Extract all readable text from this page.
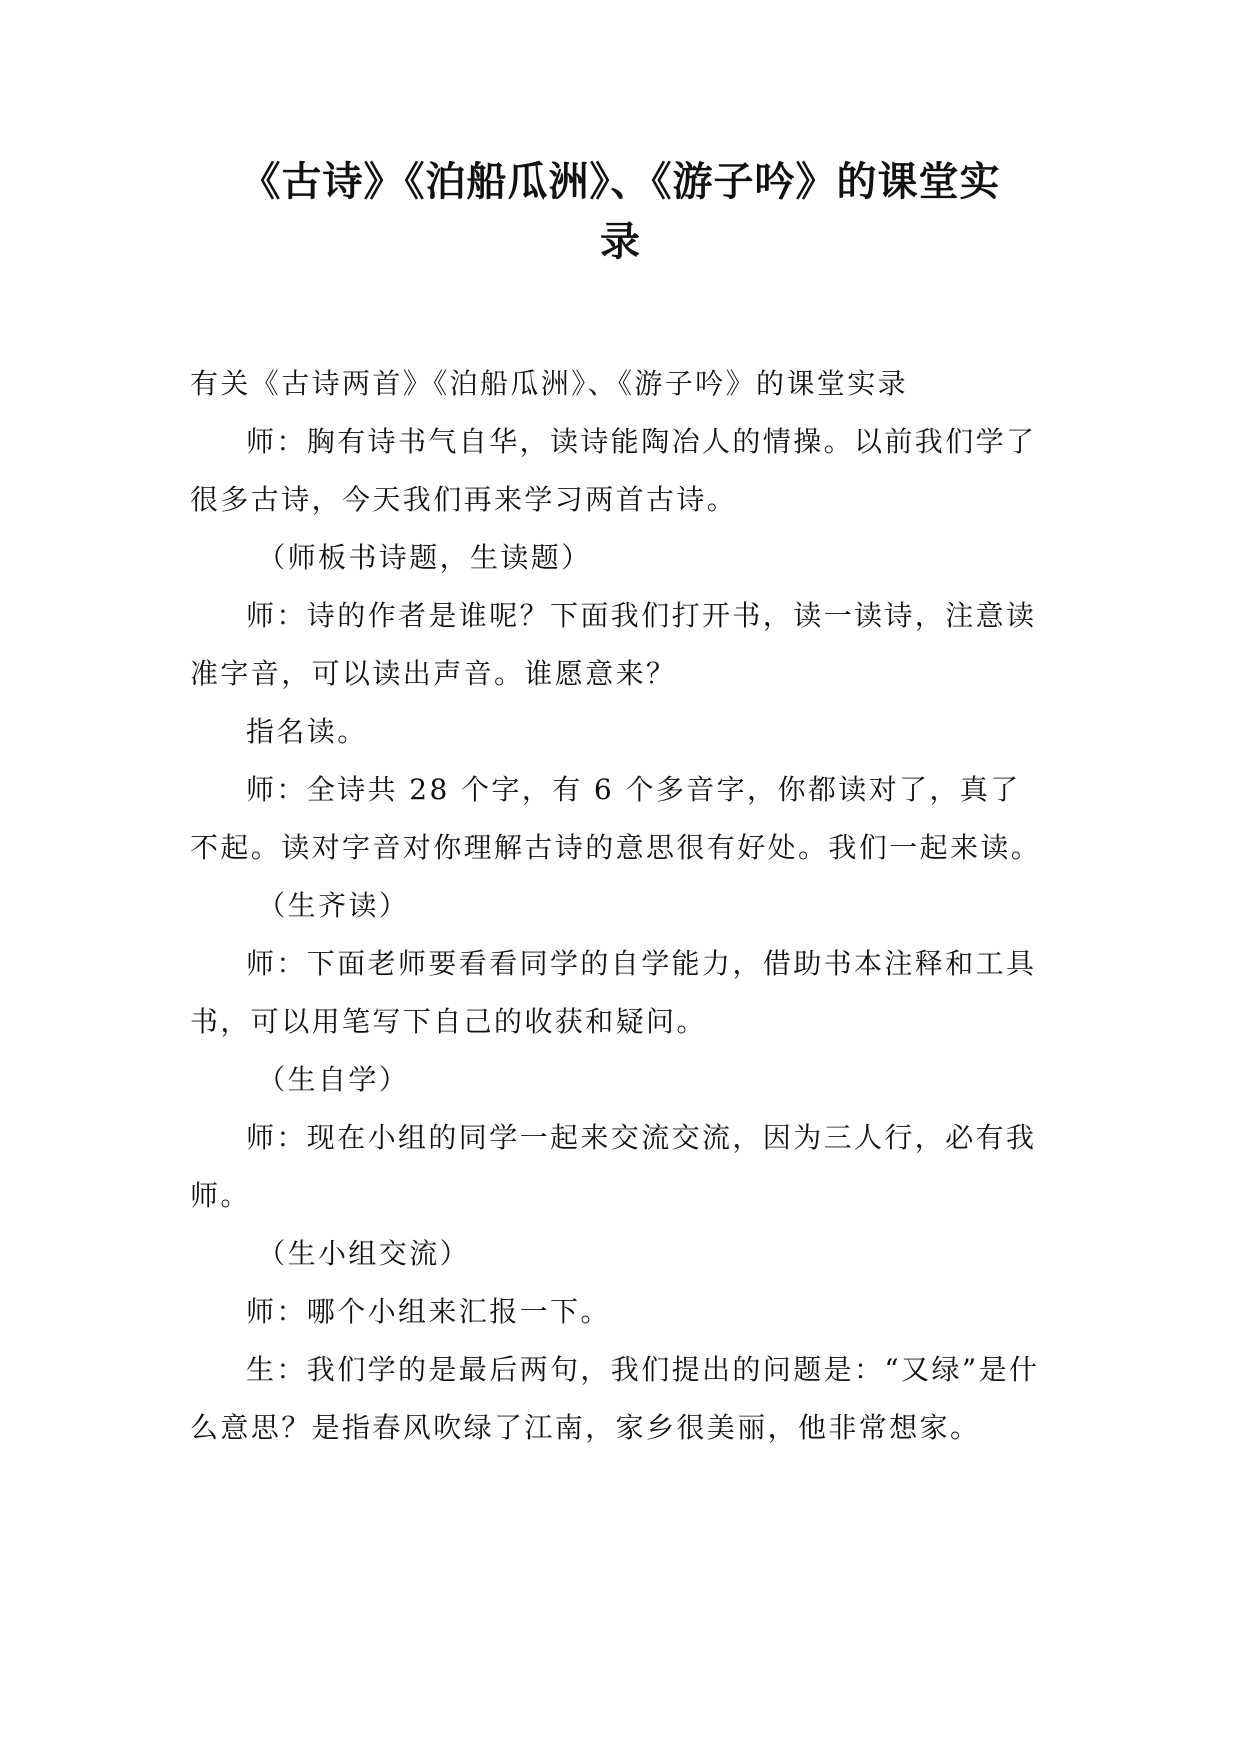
《古诗》《泊船瓜洲》、《游子吟》的课堂实
录

有关《古诗两首》《泊船瓜洲》、《游子吟》的课堂实录

师：胸有诗书气自华，读诗能陶冶人的情操。以前我们学了很多古诗，今天我们再来学习两首古诗。

（师板书诗题，生读题）

师：诗的作者是谁呢？下面我们打开书，读一读诗，注意读准字音，可以读出声音。谁愿意来？

指名读。

师：全诗共 28 个字，有 6 个多音字，你都读对了，真了不起。读对字音对你理解古诗的意思很有好处。我们一起来读。

（生齐读）

师：下面老师要看看同学的自学能力，借助书本注释和工具书，可以用笔写下自己的收获和疑问。

（生自学）

师：现在小组的同学一起来交流交流，因为三人行，必有我师。

（生小组交流）

师：哪个小组来汇报一下。

生：我们学的是最后两句，我们提出的问题是：“又绿”是什么意思？是指春风吹绿了江南，家乡很美丽，他非常想家。
